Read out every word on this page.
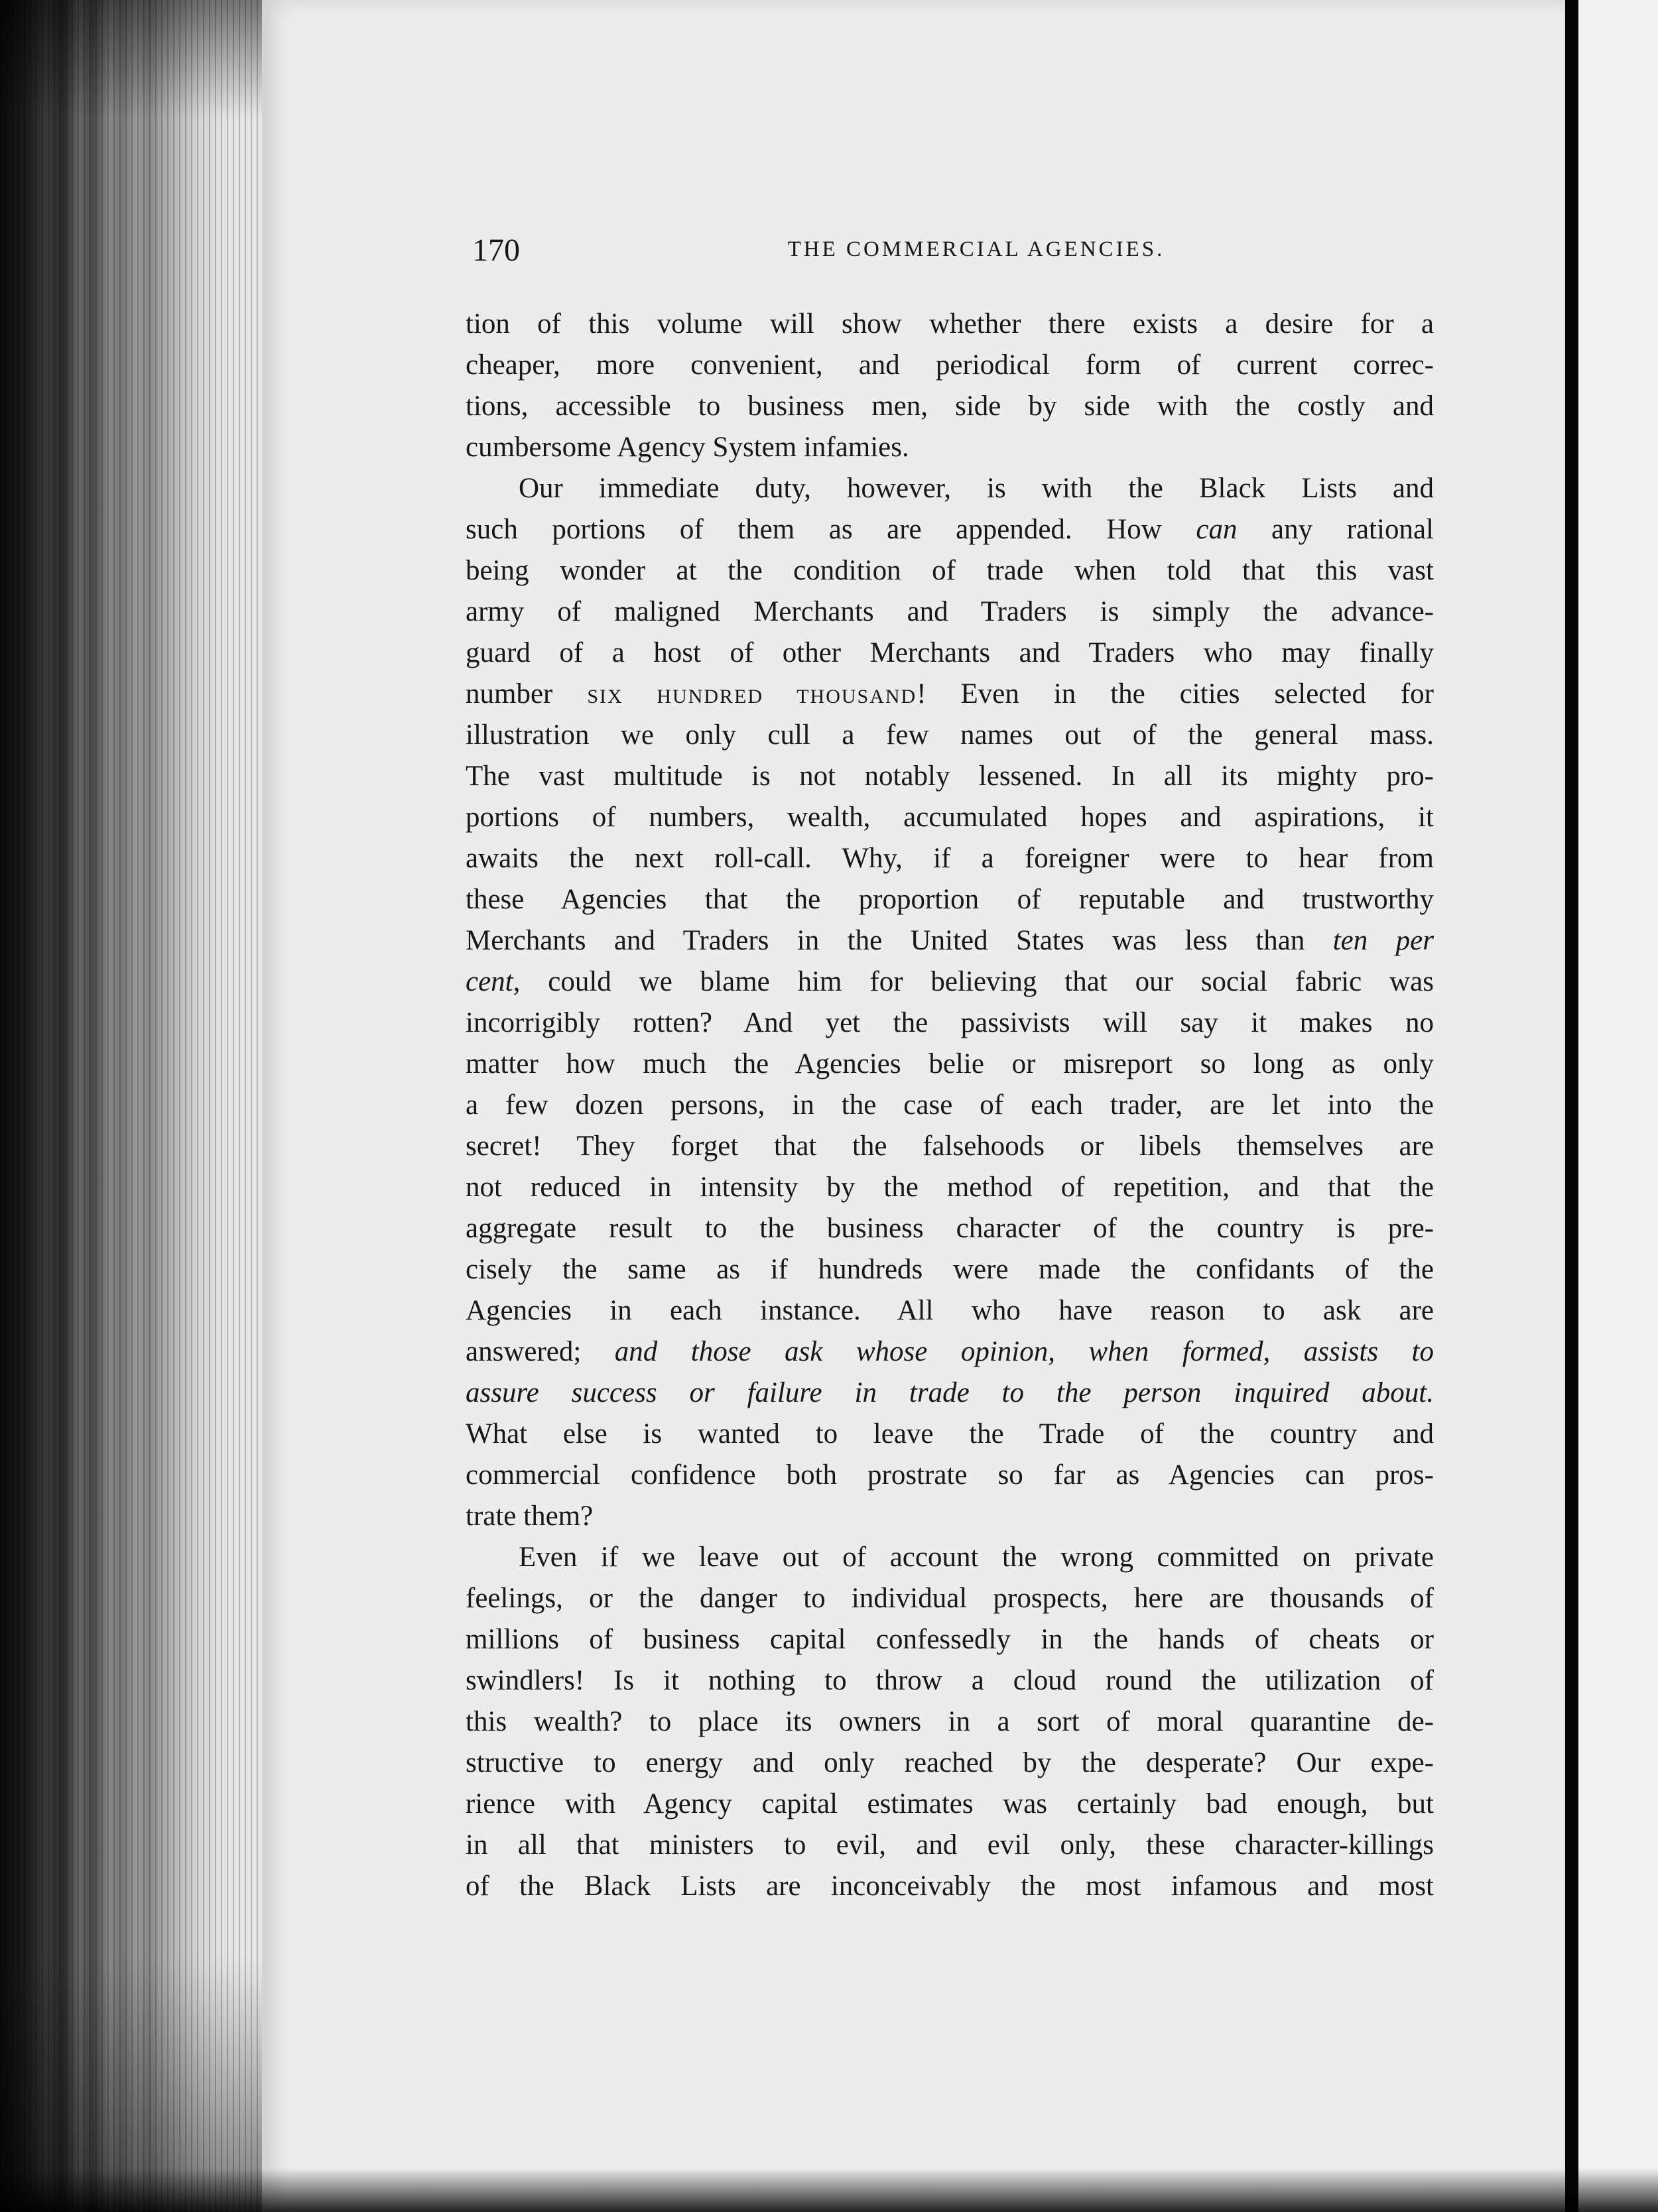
170	THE COMMERCIAL AGENCIES.
tion of this volume will show whether there exists a desire for a
cheaper, more convenient, and periodical form of current correc-
tions, accessible to business men, side by side with the costly and
cumbersome Agency System infamies.
Our immediate duty, however, is with the Black Lists and
such portions of them as are appended. How can any rational
being wonder at the condition of trade when told that this vast
army of maligned Merchants and Traders is simply the advance-
guard of a host of other Merchants and Traders who may finally
number SIX HUNDRED THOUSAND! Even in the cities selected for
illustration we only cull a few names out of the general mass.
The vast multitude is not notably lessened. In all its mighty pro-
portions of numbers, wealth, accumulated hopes and aspirations, it
awaits the next roll-call. Why, if a foreigner were to hear from
these Agencies that the proportion of reputable and trustworthy
Merchants and Traders in the United States was less than ten per
cent, could we blame him for believing that our social fabric was
incorrigibly rotten? And yet the passivists will say it makes no
matter how much the Agencies belie or misreport so long as only
a few dozen persons, in the case of each trader, are let into the
secret! They forget that the falsehoods or libels themselves are
not reduced in intensity by the method of repetition, and that the
aggregate result to the business character of the country is pre-
cisely the same as if hundreds were made the confidants of the
Agencies in each instance. All who have reason to ask are
answered; and those ask whose opinion, when formed, assists to
assure success or failure in trade to the person inquired about.
What else is wanted to leave the Trade of the country and
commercial confidence both prostrate so far as Agencies can pros-
trate them?
Even if we leave out of account the wrong committed on private
feelings, or the danger to individual prospects, here are thousands of
millions of business capital confessedly in the hands of cheats or
swindlers! Is it nothing to throw a cloud round the utilization of
this wealth? to place its owners in a sort of moral quarantine de-
structive to energy and only reached by the desperate? Our expe-
rience with Agency capital estimates was certainly bad enough, but
in all that ministers to evil, and evil only, these character-killings
of the Black Lists are inconceivably the most infamous and most
